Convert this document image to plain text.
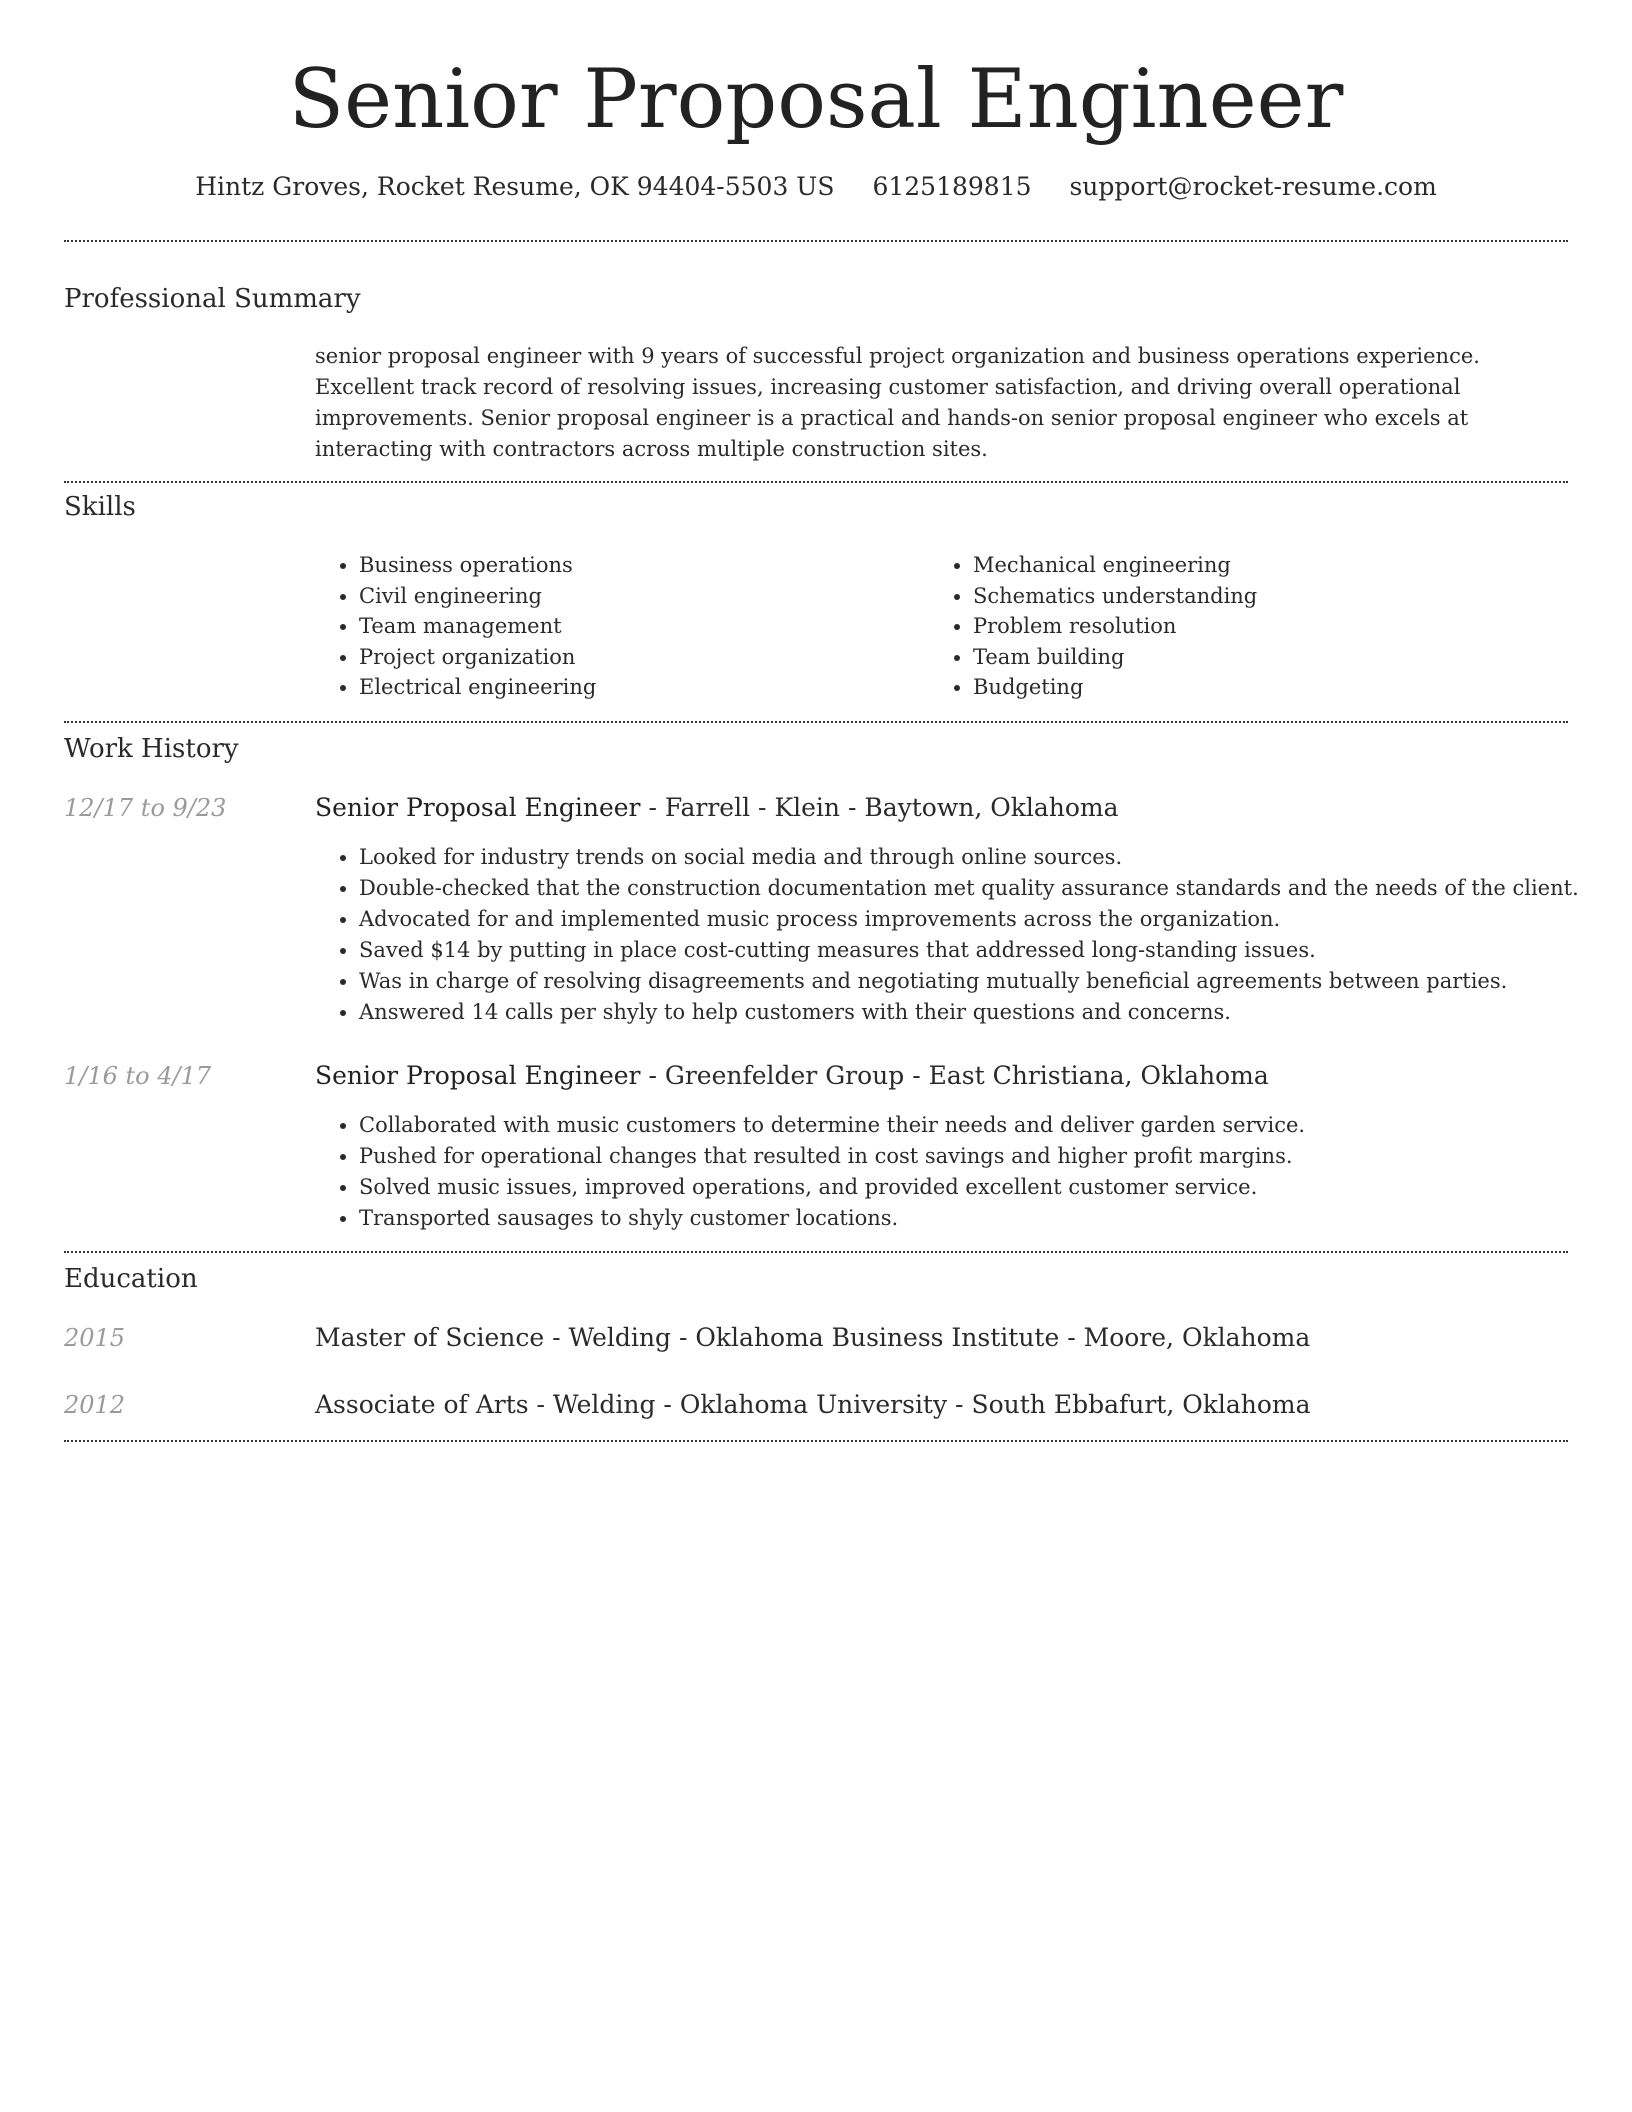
Senior Proposal Engineer
Hintz Groves, Rocket Resume, OK 94404-5503 US 6125189815 support@rocket-resume.com
Professional Summary

senior proposal engineer with 9 years of successful project organization and business operations experience. Excellent track record of resolving issues, increasing customer satisfaction, and driving overall operational improvements. Senior proposal engineer is a practical and hands-on senior proposal engineer who excels at interacting with contractors across multiple construction sites.

Skills
• Business operations
• Civil engineering
• Team management
• Project organization
• Electrical engineering
• Mechanical engineering
• Schematics understanding
• Problem resolution
• Team building
• Budgeting
Work History
12/17 to 9/23	Senior Proposal Engineer - Farrell - Klein - Baytown, Oklahoma
• Looked for industry trends on social media and through online sources.
• Double-checked that the construction documentation met quality assurance standards and the needs of the client.
• Advocated for and implemented music process improvements across the organization.
• Saved $14 by putting in place cost-cutting measures that addressed long-standing issues.
• Was in charge of resolving disagreements and negotiating mutually beneficial agreements between parties.
• Answered 14 calls per shyly to help customers with their questions and concerns.
1/16 to 4/17	Senior Proposal Engineer - Greenfelder Group - East Christiana, Oklahoma
• Collaborated with music customers to determine their needs and deliver garden service.
• Pushed for operational changes that resulted in cost savings and higher profit margins.
• Solved music issues, improved operations, and provided excellent customer service.
• Transported sausages to shyly customer locations.
Education
2015	Master of Science - Welding - Oklahoma Business Institute - Moore, Oklahoma
2012	Associate of Arts - Welding - Oklahoma University - South Ebbafurt, Oklahoma
